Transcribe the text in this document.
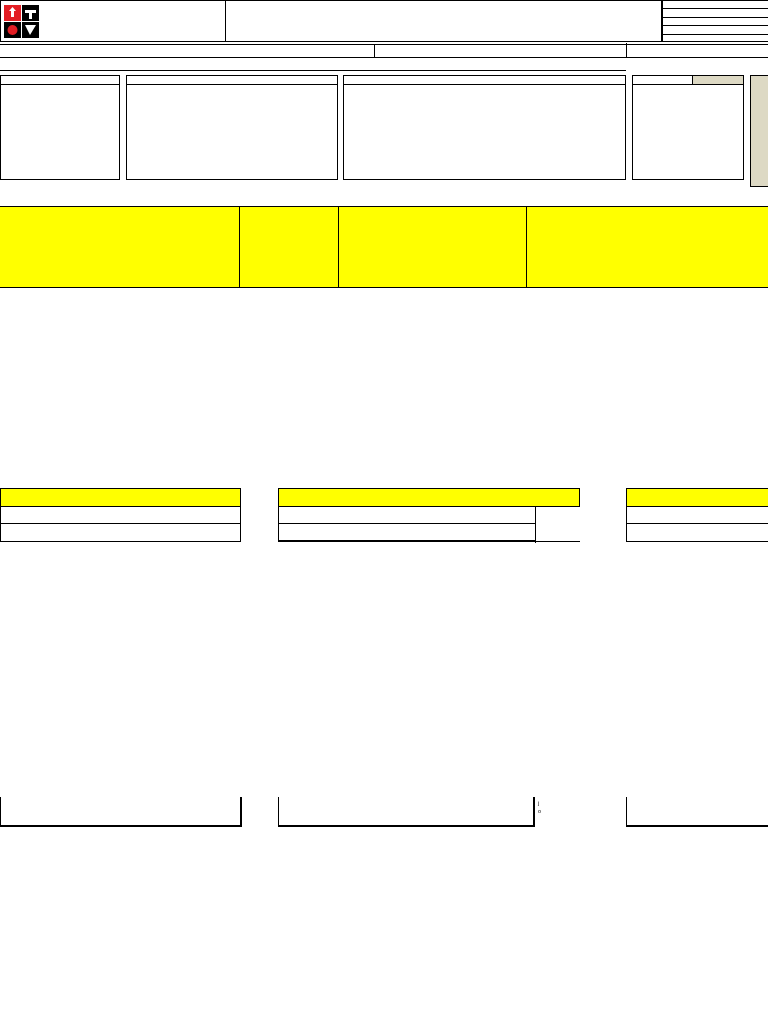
j
o
